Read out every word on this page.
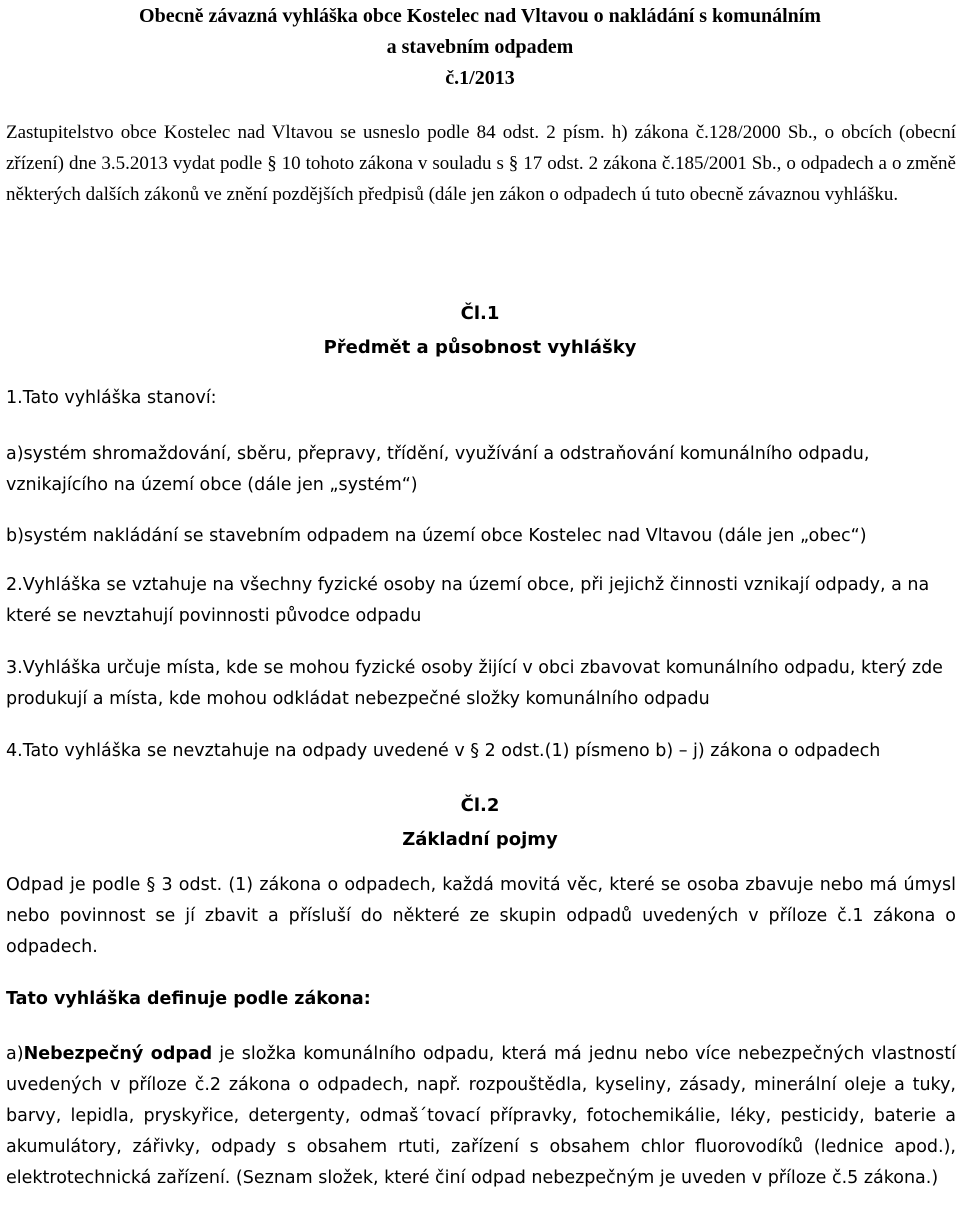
Obecně závazná vyhláška obce Kostelec nad Vltavou o nakládání s komunálním
a stavebním odpadem
č.1/2013

Zastupitelstvo obce Kostelec nad Vltavou se usneslo podle 84 odst. 2 písm. h) zákona č.128/2000 Sb., o obcích (obecní zřízení) dne 3.5.2013 vydat podle § 10 tohoto zákona v souladu s § 17 odst. 2 zákona č.185/2001 Sb., o odpadech a o změně některých dalších zákonů ve znění pozdějších předpisů (dále jen zákon o odpadech ú tuto obecně závaznou vyhlášku.

Čl.1
Předmět a působnost vyhlášky

1.Tato vyhláška stanoví:

a)systém shromaždování, sběru, přepravy, třídění, využívání a odstraňování komunálního odpadu, vznikajícího na území obce (dále jen „systém“)

b)systém nakládání se stavebním odpadem na území obce Kostelec nad Vltavou (dále jen „obec“)

2.Vyhláška se vztahuje na všechny fyzické osoby na území obce, při jejichž činnosti vznikají odpady, a na které se nevztahují povinnosti původce odpadu

3.Vyhláška určuje místa, kde se mohou fyzické osoby žijící v obci zbavovat komunálního odpadu, který zde produkují a místa, kde mohou odkládat nebezpečné složky komunálního odpadu

4.Tato vyhláška se nevztahuje na odpady uvedené v § 2 odst.(1) písmeno b) – j) zákona o odpadech

Čl.2
Základní pojmy

Odpad je podle § 3 odst. (1) zákona o odpadech, každá movitá věc, které se osoba zbavuje nebo má úmysl nebo povinnost se jí zbavit a přísluší do některé ze skupin odpadů uvedených v příloze č.1 zákona o odpadech.

Tato vyhláška definuje podle zákona:

a)Nebezpečný odpad je složka komunálního odpadu, která má jednu nebo více nebezpečných vlastností uvedených v příloze č.2 zákona o odpadech, např. rozpouštědla, kyseliny, zásady, minerální oleje a tuky, barvy, lepidla, pryskyřice, detergenty, odmaš´tovací přípravky, fotochemikálie, léky, pesticidy, baterie a akumulátory, zářivky, odpady s obsahem rtuti, zařízení s obsahem chlor fluorovodíků (lednice apod.), elektrotechnická zařízení. (Seznam složek, které činí odpad nebezpečným je uveden v příloze č.5 zákona.)
